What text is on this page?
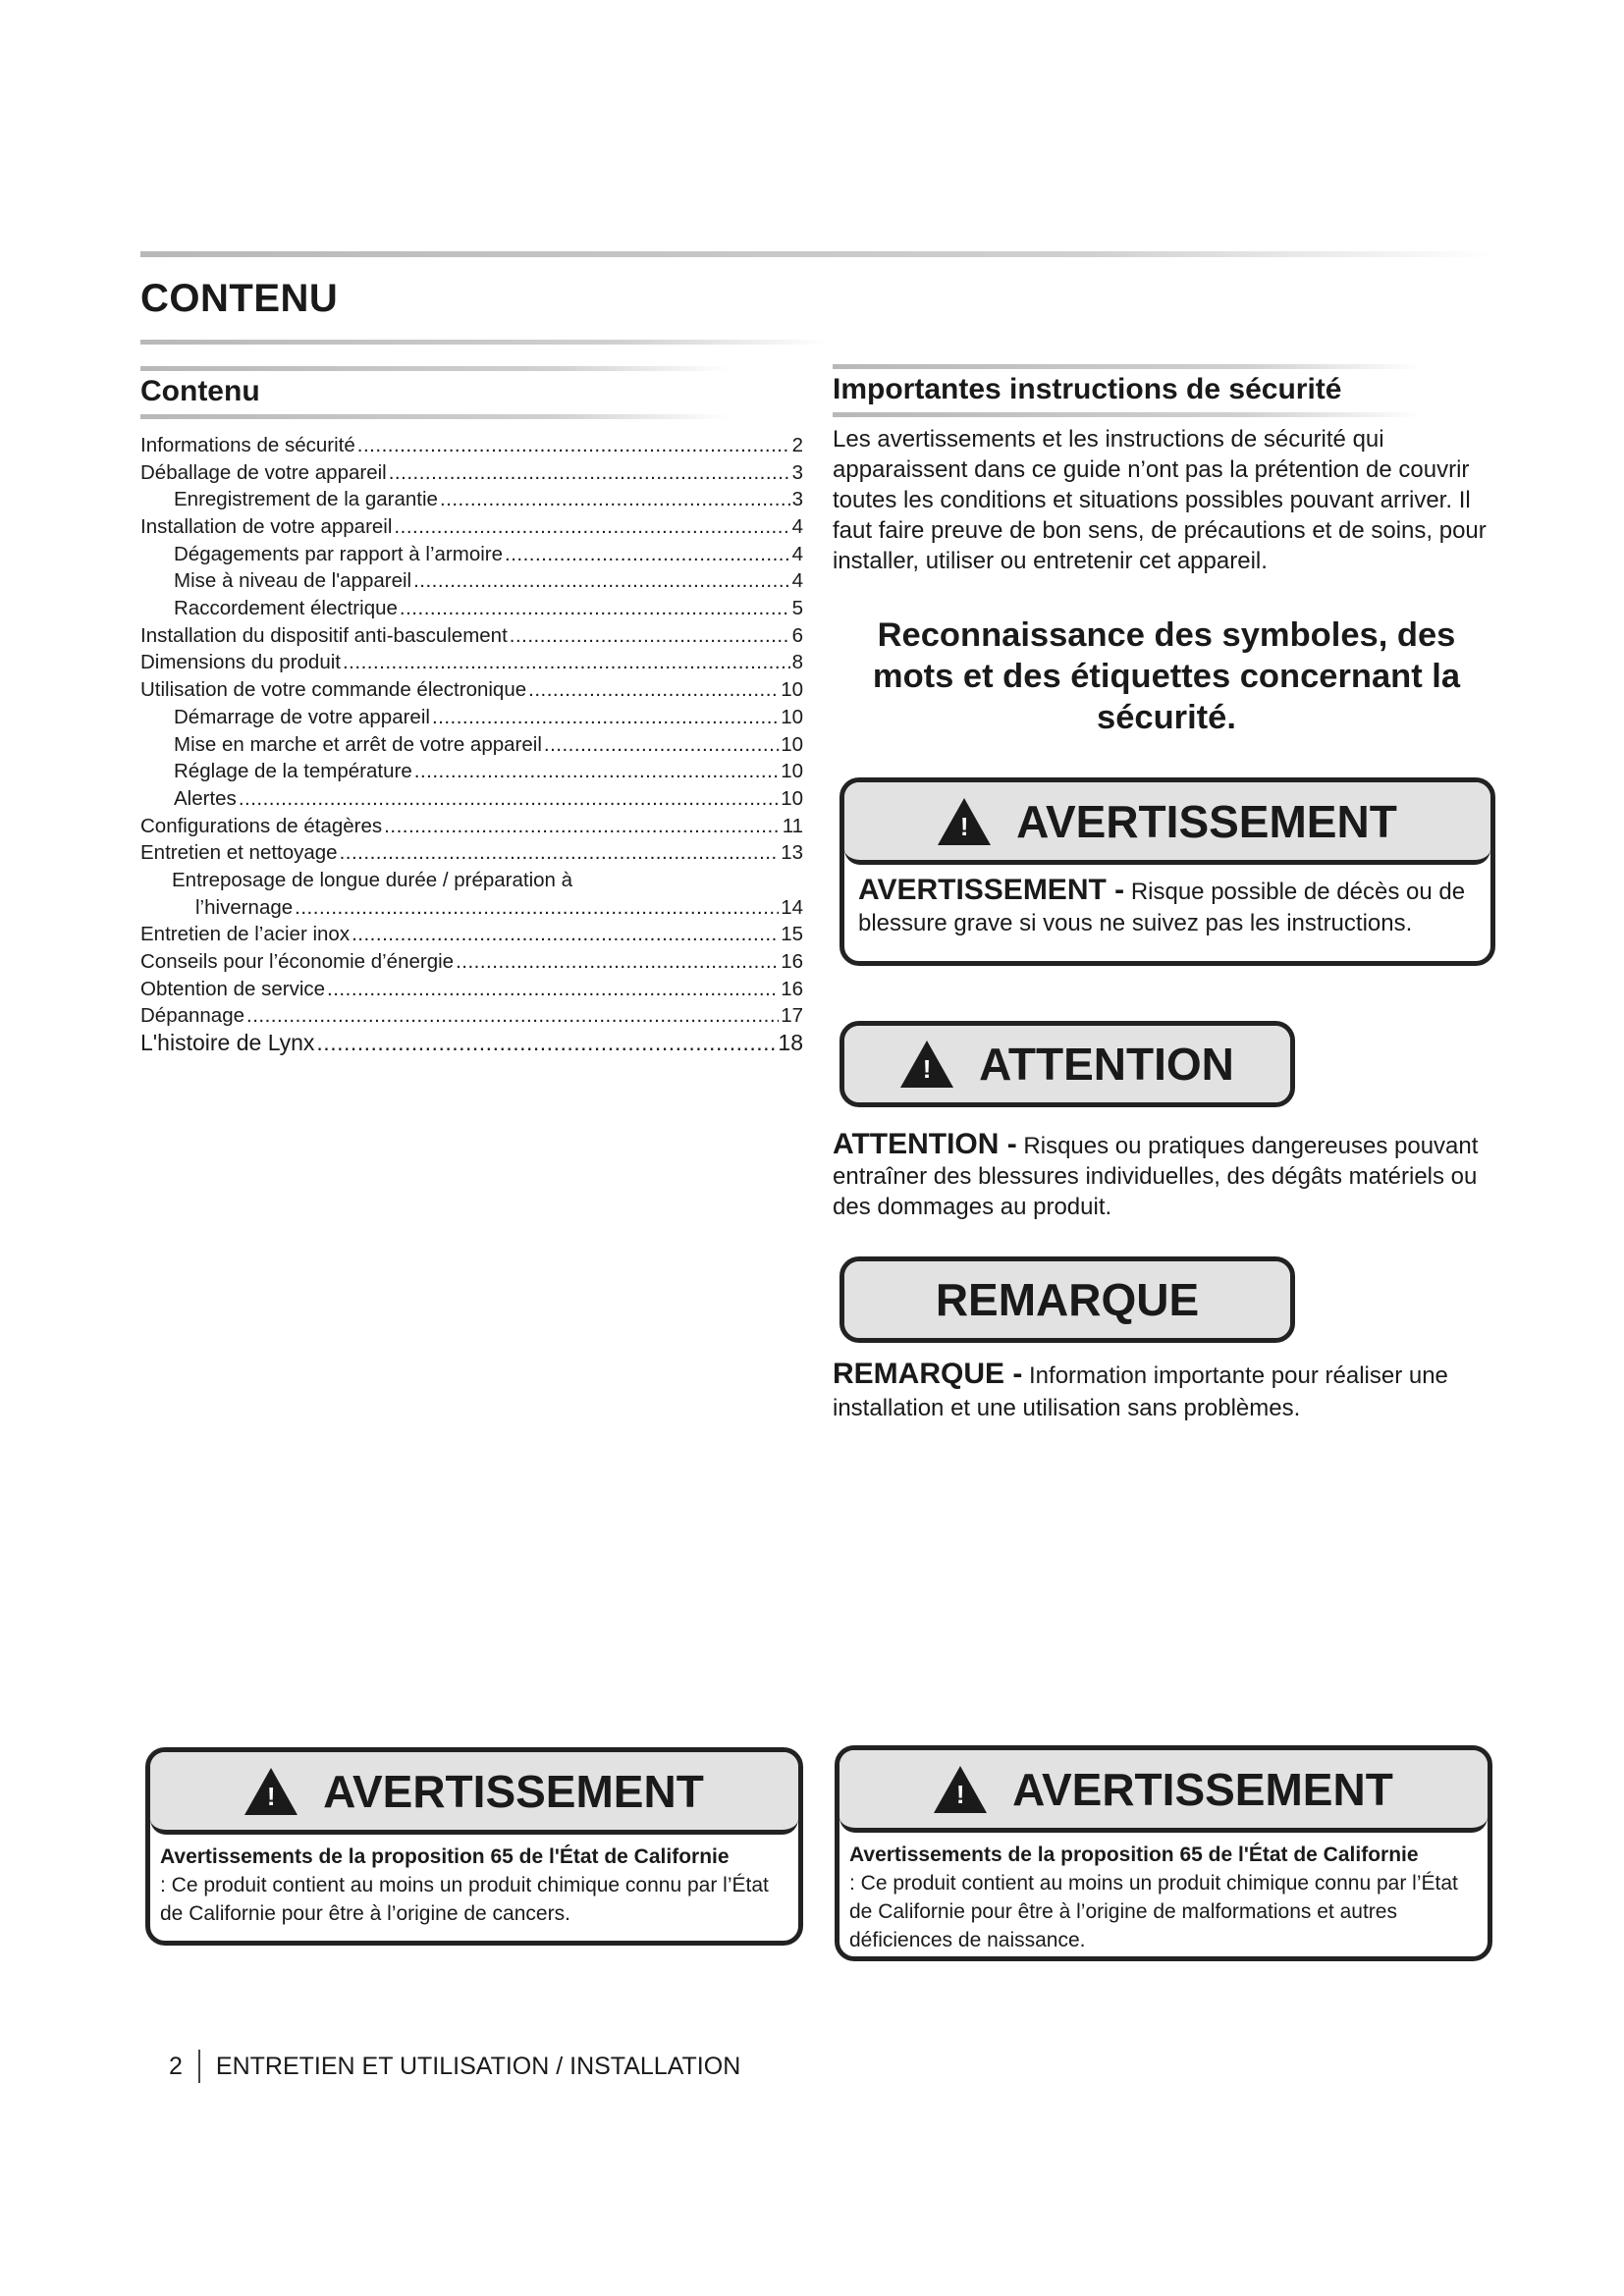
CONTENU
Contenu
Informations de sécurité .....	2
Déballage de votre appareil .....	3
Enregistrement de la garantie .....	3
Installation de votre appareil .....	4
Dégagements par rapport à l’armoire .....	4
Mise à niveau de l'appareil .....	4
Raccordement électrique .....	5
Installation du dispositif anti-basculement .....	6
Dimensions du produit .....	8
Utilisation de votre commande électronique .....	10
Démarrage de votre appareil .....	10
Mise en marche et arrêt de votre appareil .....	10
Réglage de la température .....	10
Alertes .....	10
Configurations de étagères .....	11
Entretien et nettoyage .....	13
Entreposage de longue durée / préparation à
l’hivernage .....	14
Entretien de l’acier inox .....	15
Conseils pour l’économie d’énergie .....	16
Obtention de service .....	16
Dépannage .....	17
L'histoire de Lynx .....	18
Importantes instructions de sécurité

Les avertissements et les instructions de sécurité qui apparaissent dans ce guide n’ont pas la prétention de couvrir toutes les conditions et situations possibles pouvant arriver. Il faut faire preuve de bon sens, de précautions et de soins, pour installer, utiliser ou entretenir cet appareil.

Reconnaissance des symboles, des mots et des étiquettes concernant la sécurité.
! AVERTISSEMENT
AVERTISSEMENT - Risque possible de décès ou de blessure grave si vous ne suivez pas les instructions.
! ATTENTION

ATTENTION - Risques ou pratiques dangereuses pouvant entraîner des blessures individuelles, des dégâts matériels ou des dommages au produit.

REMARQUE

REMARQUE - Information importante pour réaliser une installation et une utilisation sans problèmes.

! AVERTISSEMENT
Avertissements de la proposition 65 de l'État de Californie
: Ce produit contient au moins un produit chimique connu par l’État de Californie pour être à l’origine de cancers.
! AVERTISSEMENT
Avertissements de la proposition 65 de l'État de Californie
: Ce produit contient au moins un produit chimique connu par l’État de Californie pour être à l’origine de malformations et autres déficiences de naissance.
2 ENTRETIEN ET UTILISATION / INSTALLATION
